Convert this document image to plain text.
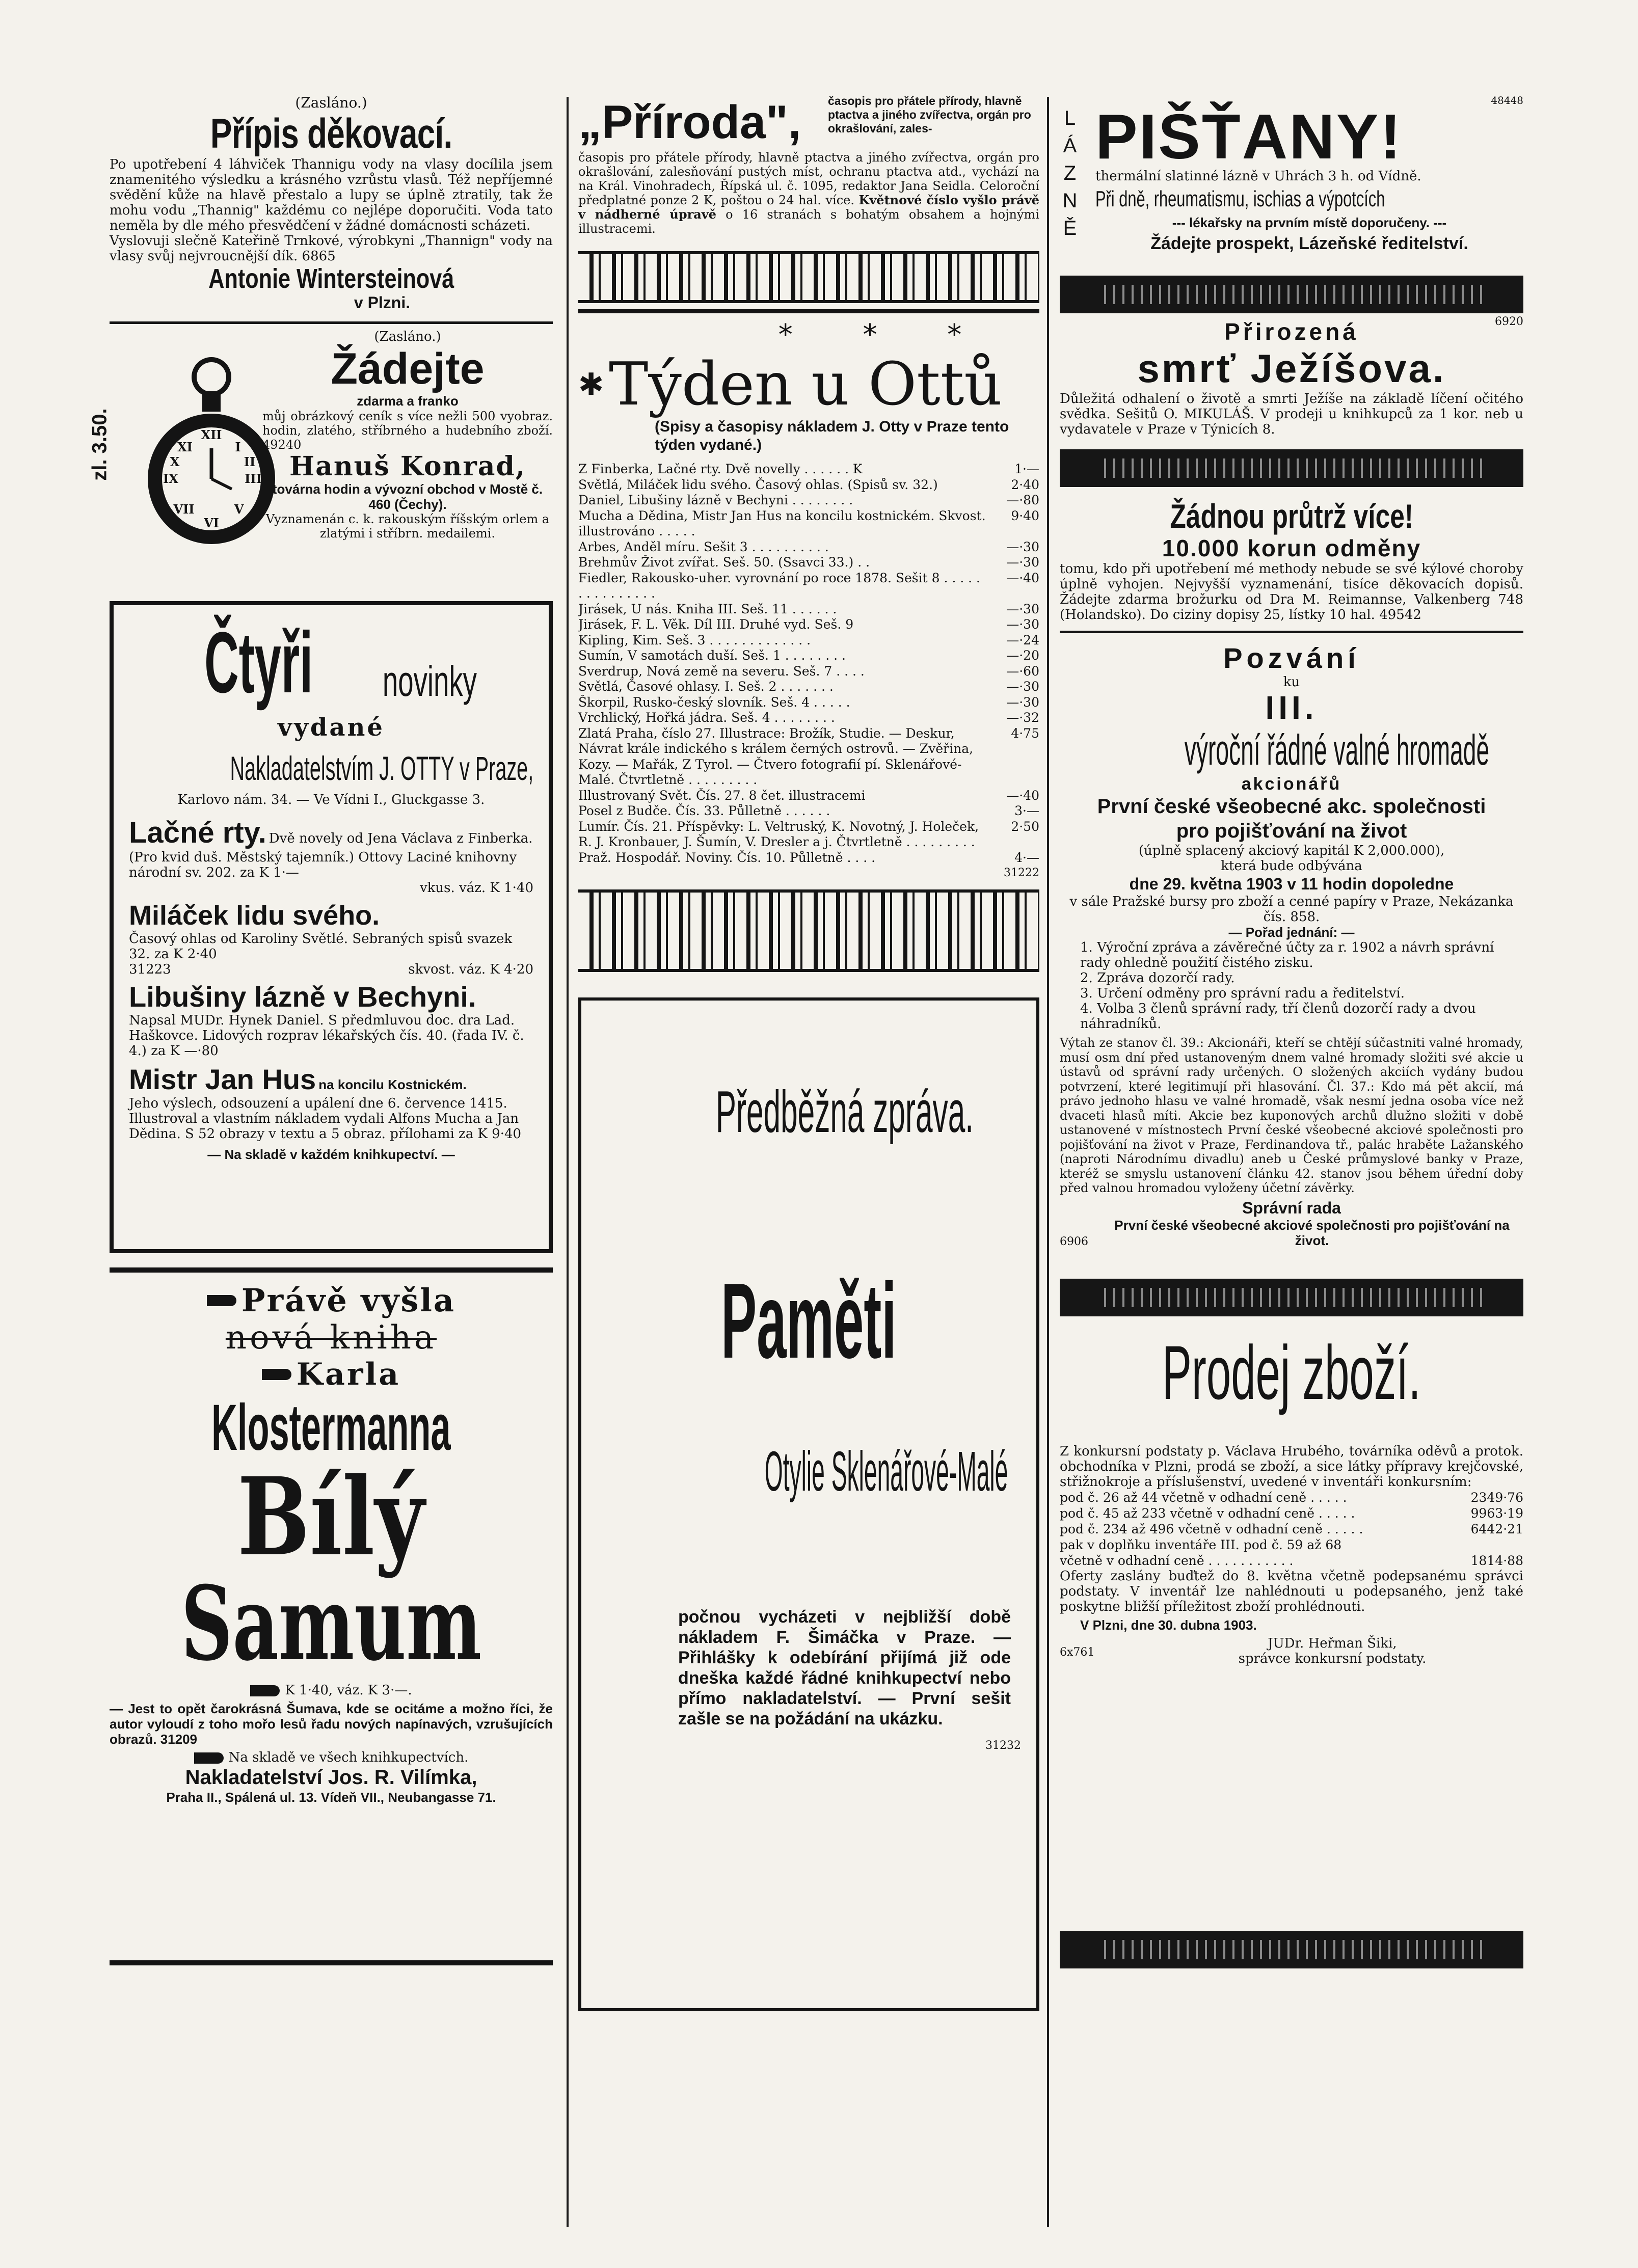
(Zasláno.)
Přípis děkovací.
Po upotřebení 4 láhviček Thannigu vody na vlasy docílila jsem znamenitého výsledku a krásného vzrůstu vlasů. Též nepříjemné svědění kůže na hlavě přestalo a lupy se úplně ztratily, tak že mohu vodu „Thannig" každému co nejlépe doporučiti. Voda tato neměla by dle mého přesvědčení v žádné domácnosti scházeti.
Vyslovuji slečně Kateřině Trnkové, výrobkyni „Thannign" vody na vlasy svůj nejvroucnější dík. 6865
Antonie Wintersteinová
v Plzni.
XII
III
VI
IX
I
II
XI
X
V
VII
zl. 3.50.
(Zasláno.)
Žádejte
zdarma a franko
můj obrázkový ceník s více nežli 500 vyobraz. hodin, zlatého, stříbrného a hudebního zboží. 49240
Hanuš Konrad,
továrna hodin a vývozní obchod v Mostě č. 460 (Čechy).
Vyznamenán c. k. rakouským říšským orlem a zlatými i stříbrn. medailemi.
Čtyři	novinky
vydané
Nakladatelstvím J. OTTY v Praze,
Karlovo nám. 34. — Ve Vídni I., Gluckgasse 3.
Lačné rty. Dvě novely od Jena Václava z Finberka.
(Pro kvid duš. Městský tajemník.) Ottovy Laciné knihovny národní sv. 202. za K 1·—
vkus. váz. K 1·40
Miláček lidu svého.
Časový ohlas od Karoliny Světlé. Sebraných spisů svazek 32. za K 2·40
31223	skvost. váz. K 4·20
Libušiny lázně v Bechyni.
Napsal MUDr. Hynek Daniel. S předmluvou doc. dra Lad. Haškovce. Lidových rozprav lékařských čís. 40. (řada IV. č. 4.) za K —·80
Mistr Jan Hus na koncilu Kostnickém.
Jeho výslech, odsouzení a upálení dne 6. července 1415. Illustroval a vlastním nákladem vydali Alfons Mucha a Jan Dědina. S 52 obrazy v textu a 5 obraz. přílohami za K 9·40
— Na skladě v každém knihkupectví. —
Právě vyšla
nová kniha
Karla
Klostermanna
Bílý
Samum
K 1·40, váz. K 3·—.
— Jest to opět čarokrásná Šumava, kde se ocitáme a možno říci, že autor vyloudí z toho mořo lesů řadu nových napínavých, vzrušujících obrazů. 31209
Na skladě ve všech knihkupectvích.
Nakladatelství Jos. R. Vilímka,
Praha II., Spálená ul. 13. Vídeň VII., Neubangasse 71.
„Příroda",	časopis pro přátele přírody, hlavně ptactva a jiného zvířectva, orgán pro okrašlování, zales-
časopis pro přátele přírody, hlavně ptactva a jiného zvířectva, orgán pro okrašlování, zalesňování pustých míst, ochranu ptactva atd., vychází na na Král. Vinohradech, Řípská ul. č. 1095, redaktor Jana Seidla. Celoroční předplatné ponze 2 K, poštou o 24 hal. více. Květnové číslo vyšlo právě v nádherné úpravě o 16 stranách s bohatým obsahem a hojnými illustracemi.
* * *
✱ Týden u Ottů
(Spisy a časopisy nákladem J. Otty v Praze tento týden vydané.)
Z Finberka, Lačné rty. Dvě novelly . . . . . . K	1·—
Světlá, Miláček lidu svého. Časový ohlas. (Spisů sv. 32.)	2·40
Daniel, Libušiny lázně v Bechyni . . . . . . . .	—·80
Mucha a Dědina, Mistr Jan Hus na koncilu kostnickém. Skvost. illustrováno . . . . .
9·40
Arbes, Anděl míru. Sešit 3 . . . . . . . . . .	—·30
Brehmův Život zvířat. Seš. 50. (Ssavci 33.) . .	—·30
Fiedler, Rakousko-uher. vyrovnání po roce 1878. Sešit 8 . . . . . . . . . . . . . . .
—·40
Jirásek, U nás. Kniha III. Seš. 11 . . . . . .	—·30
Jirásek, F. L. Věk. Díl III. Druhé vyd. Seš. 9	—·30
Kipling, Kim. Seš. 3 . . . . . . . . . . . . .	—·24
Sumín, V samotách duší. Seš. 1 . . . . . . . .	—·20
Sverdrup, Nová země na severu. Seš. 7 . . . .	—·60
Světlá, Časové ohlasy. I. Seš. 2 . . . . . . .	—·30
Škorpil, Rusko-český slovník. Seš. 4 . . . . .	—·30
Vrchlický, Hořká jádra. Seš. 4 . . . . . . . .	—·32
Zlatá Praha, číslo 27. Illustrace: Brožík, Studie. — Deskur, Návrat krále indického s králem černých ostrovů. — Zvěřina, Kozy. — Mařák, Z Tyrol. — Čtvero fotografií pí. Sklenářové-Malé. Čtvrtletně . . . . . . . . .
4·75
Illustrovaný Svět. Čís. 27. 8 čet. illustracemi	—·40
Posel z Budče. Čís. 33. Půlletně . . . . . .	3·—
Lumír. Čís. 21. Příspěvky: L. Veltruský, K. Novotný, J. Holeček, R. J. Kronbauer, J. Šumín, V. Dresler a j. Čtvrtletně . . . . . . . . .
2·50
Praž. Hospodář. Noviny. Čís. 10. Půlletně . . . .	4·—
31222
Předběžná zpráva.
Paměti
Otylie Sklenářové-Malé
počnou vycházeti v nejbližší době nákladem F. Šimáčka v Praze. — Přihlášky k odebírání přijímá již ode dneška každé řádné knihkupectví nebo přímo nakladatelství. — První sešit zašle se na požádání na ukázku.
31232
LÁZNĚ
48448
PIŠŤANY!
thermální slatinné lázně v Uhrách 3 h. od Vídně.
Při dně, rheumatismu, ischias a výpotcích
--- lékařsky na prvním místě doporučeny. ---
Žádejte prospekt, Lázeňské ředitelství.
6920
Přirozená
smrť Ježíšova.
Důležitá odhalení o životě a smrti Ježíše na základě líčení očitého svědka. Sešitů O. MIKULÁŠ. V prodeji u knihkupců za 1 kor. neb u vydavatele v Praze v Týnicích 8.
Žádnou průtrž více!
10.000 korun odměny
tomu, kdo při upotřebení mé methody nebude se své kýlové choroby úplně vyhojen. Nejvyšší vyznamenání, tisíce děkovacích dopisů. Žádejte zdarma brožurku od Dra M. Reimannse, Valkenberg 748 (Holandsko). Do ciziny dopisy 25, lístky 10 hal. 49542
Pozvání
ku
III.
výroční řádné valné hromadě
akcionářů
První české všeobecné akc. společnosti
pro pojišťování na život
(úplně splacený akciový kapitál K 2,000.000),
která bude odbývána
dne 29. května 1903 v 11 hodin dopoledne
v sále Pražské bursy pro zboží a cenné papíry v Praze, Nekázanka čís. 858.
— Pořad jednání: —
1. Výroční zpráva a závěrečné účty za r. 1902 a návrh správní rady ohledně použití čistého zisku.
2. Zpráva dozorčí rady.
3. Určení odměny pro správní radu a ředitelství.
4. Volba 3 členů správní rady, tří členů dozorčí rady a dvou náhradníků.
Výtah ze stanov čl. 39.: Akcionáři, kteří se chtějí súčastniti valné hromady, musí osm dní před ustanoveným dnem valné hromady složiti své akcie u ústavů od správní rady určených. O složených akciích vydány budou potvrzení, které legitimují při hlasování. Čl. 37.: Kdo má pět akcií, má právo jednoho hlasu ve valné hromadě, však nesmí jedna osoba více než dvaceti hlasů míti. Akcie bez kuponových archů dlužno složiti v době ustanovené v místnostech První české všeobecné akciové společnosti pro pojišťování na život v Praze, Ferdinandova tř., palác hraběte Lažanského (naproti Národnímu divadlu) aneb u České průmyslové banky v Praze, kteréž se smyslu ustanovení článku 42. stanov jsou během úřední doby před valnou hromadou vyloženy účetní závěrky.
Správní rada
6906
První české všeobecné akciové společnosti pro pojišťování na život.
Prodej zboží.
Z konkursní podstaty p. Václava Hrubého, továrníka oděvů a protok. obchodníka v Plzni, prodá se zboží, a sice látky přípravy krejčovské, střižnokroje a příslušenství, uvedené v inventáři konkursním:
pod č. 26 až 44 včetně v odhadní ceně . . . . .	2349·76
pod č. 45 až 233 včetně v odhadní ceně . . . . .	9963·19
pod č. 234 až 496 včetně v odhadní ceně . . . . .	6442·21
pak v doplňku inventáře III. pod č. 59 až 68
včetně v odhadní ceně . . . . . . . . . . .	1814·88
Oferty zaslány buďtež do 8. května včetně podepsanému správci podstaty. V inventář lze nahlédnouti u podepsaného, jenž také poskytne bližší příležitost zboží prohlédnouti.
V Plzni, dne 30. dubna 1903.
6x761
JUDr. Heřman Šiki,
správce konkursní podstaty.
